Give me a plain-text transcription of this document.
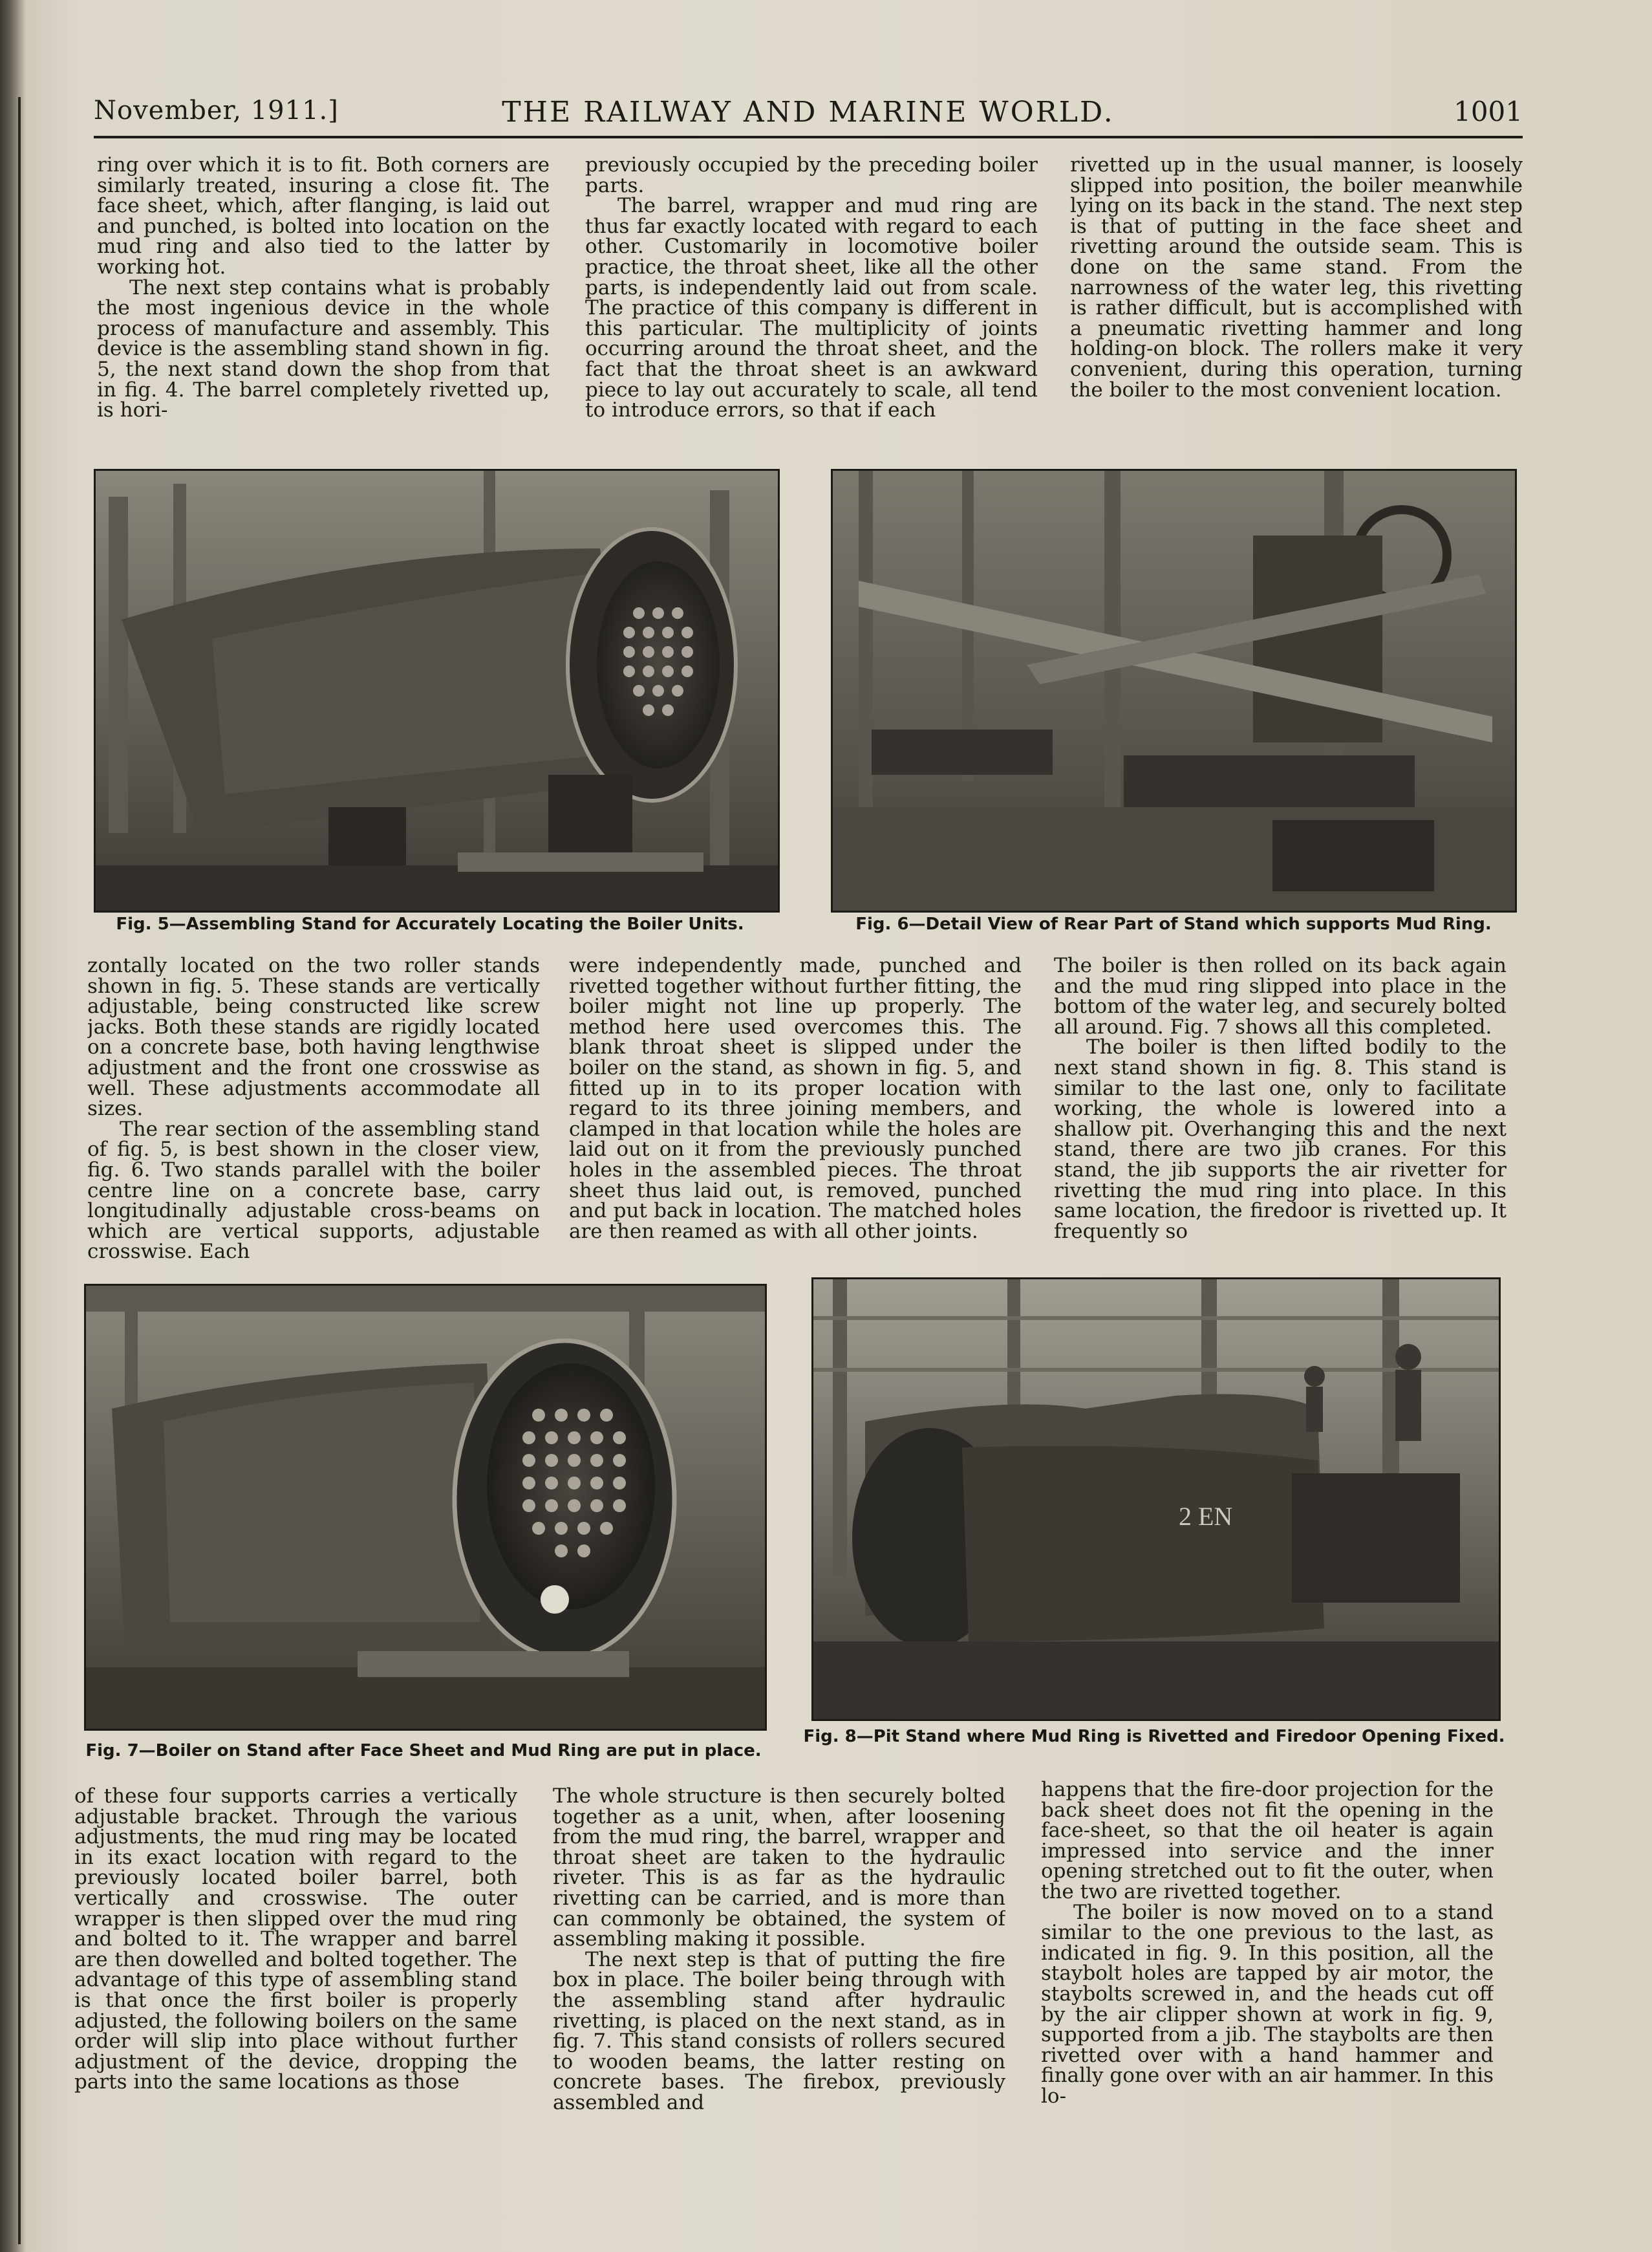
November, 1911.]	THE RAILWAY AND MARINE WORLD.	1001

ring over which it is to fit. Both corners are similarly treated, insuring a close fit. The face sheet, which, after flanging, is laid out and punched, is bolted into location on the mud ring and also tied to the latter by working hot.

The next step contains what is probably the most ingenious device in the whole process of manufacture and assembly. This device is the assembling stand shown in fig. 5, the next stand down the shop from that in fig. 4. The barrel completely rivetted up, is hori-

previously occupied by the preceding boiler parts.

The barrel, wrapper and mud ring are thus far exactly located with regard to each other. Customarily in locomotive boiler practice, the throat sheet, like all the other parts, is independently laid out from scale. The practice of this company is different in this particular. The multiplicity of joints occurring around the throat sheet, and the fact that the throat sheet is an awkward piece to lay out accurately to scale, all tend to introduce errors, so that if each

rivetted up in the usual manner, is loosely slipped into position, the boiler meanwhile lying on its back in the stand. The next step is that of putting in the face sheet and rivetting around the outside seam. This is done on the same stand. From the narrowness of the water leg, this rivetting is rather difficult, but is accomplished with a pneumatic rivetting hammer and long holding-on block. The rollers make it very convenient, during this operation, turning the boiler to the most convenient location.

Fig. 5—Assembling Stand for Accurately Locating the Boiler Units.	Fig. 6—Detail View of Rear Part of Stand which supports Mud Ring.

zontally located on the two roller stands shown in fig. 5. These stands are vertically adjustable, being constructed like screw jacks. Both these stands are rigidly located on a concrete base, both having lengthwise adjustment and the front one crosswise as well. These adjustments accommodate all sizes.

The rear section of the assembling stand of fig. 5, is best shown in the closer view, fig. 6. Two stands parallel with the boiler centre line on a concrete base, carry longitudinally adjustable cross-beams on which are vertical supports, adjustable crosswise. Each

were independently made, punched and rivetted together without further fitting, the boiler might not line up properly. The method here used overcomes this. The blank throat sheet is slipped under the boiler on the stand, as shown in fig. 5, and fitted up in to its proper location with regard to its three joining members, and clamped in that location while the holes are laid out on it from the previously punched holes in the assembled pieces. The throat sheet thus laid out, is removed, punched and put back in location. The matched holes are then reamed as with all other joints.

The boiler is then rolled on its back again and the mud ring slipped into place in the bottom of the water leg, and securely bolted all around. Fig. 7 shows all this completed.

The boiler is then lifted bodily to the next stand shown in fig. 8. This stand is similar to the last one, only to facilitate working, the whole is lowered into a shallow pit. Overhanging this and the next stand, there are two jib cranes. For this stand, the jib supports the air rivetter for rivetting the mud ring into place. In this same location, the firedoor is rivetted up. It frequently so

Fig. 7—Boiler on Stand after Face Sheet and Mud Ring are put in place.
2 EN
Fig. 8—Pit Stand where Mud Ring is Rivetted and Firedoor Opening Fixed.

of these four supports carries a vertically adjustable bracket. Through the various adjustments, the mud ring may be located in its exact location with regard to the previously located boiler barrel, both vertically and crosswise. The outer wrapper is then slipped over the mud ring and bolted to it. The wrapper and barrel are then dowelled and bolted together. The advantage of this type of assembling stand is that once the first boiler is properly adjusted, the following boilers on the same order will slip into place without further adjustment of the device, dropping the parts into the same locations as those

The whole structure is then securely bolted together as a unit, when, after loosening from the mud ring, the barrel, wrapper and throat sheet are taken to the hydraulic riveter. This is as far as the hydraulic rivetting can be carried, and is more than can commonly be obtained, the system of assembling making it possible.

The next step is that of putting the fire box in place. The boiler being through with the assembling stand after hydraulic rivetting, is placed on the next stand, as in fig. 7. This stand consists of rollers secured to wooden beams, the latter resting on concrete bases. The firebox, previously assembled and

happens that the fire-door projection for the back sheet does not fit the opening in the face-sheet, so that the oil heater is again impressed into service and the inner opening stretched out to fit the outer, when the two are rivetted together.

The boiler is now moved on to a stand similar to the one previous to the last, as indicated in fig. 9. In this position, all the staybolt holes are tapped by air motor, the staybolts screwed in, and the heads cut off by the air clipper shown at work in fig. 9, supported from a jib. The staybolts are then rivetted over with a hand hammer and finally gone over with an air hammer. In this lo-
